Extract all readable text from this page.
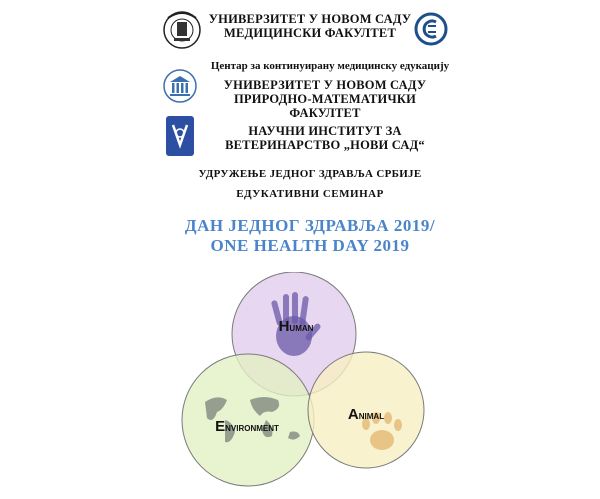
УНИВЕРЗИТЕТ У НОВОМ САДУ
МЕДИЦИНСКИ ФАКУЛТЕТ
Центар за континуирану медицинску едукацију
УНИВЕРЗИТЕТ У НОВОМ САДУ
ПРИРОДНО-МАТЕМАТИЧКИ ФАКУЛТЕТ
НАУЧНИ ИНСТИТУТ ЗА
ВЕТЕРИНАРСТВО „НОВИ САД“
УДРУЖЕЊЕ ЈЕДНОГ ЗДРАВЉА СРБИЈЕ
ЕДУКАТИВНИ СЕМИНАР
ДАН ЈЕДНОГ ЗДРАВЉА 2019/
ONE HEALTH DAY 2019
Human
Environment
Animal
